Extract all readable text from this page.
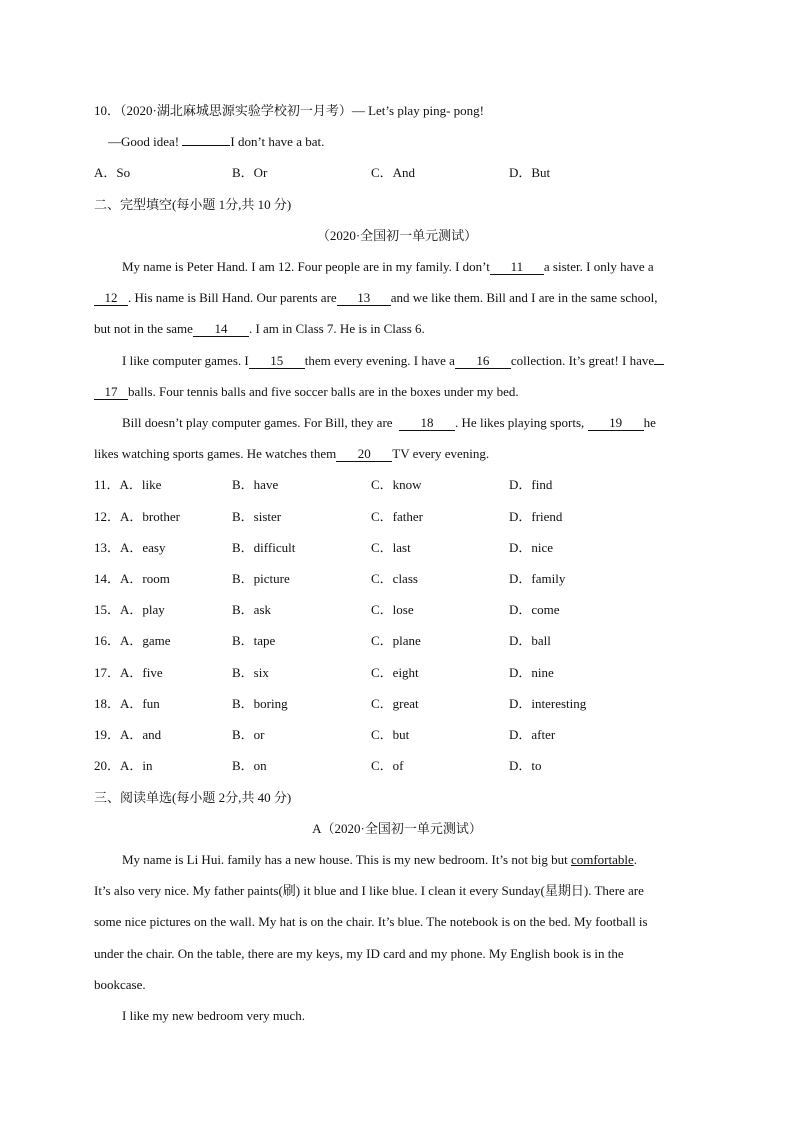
10．（2020·湖北麻城思源实验学校初一月考）— Let’s play ping- pong!
—Good idea!	I don’t have a bat.
A．So	B．Or	C．And	D．But
二、完型填空(每小题 1分,共 10 分)
（2020·全国初一单元测试）
My name is Peter Hand. I am 12. Four people are in my family. I don’t 11 a sister. I only have a
12 . His name is Bill Hand. Our parents are 13 and we like them. Bill and I are in the same school,
but not in the same 14 . I am in Class 7. He is in Class 6.
I like computer games. I 15 them every evening. I have a 16 collection. It’s great! I have
17 balls. Four tennis balls and five soccer balls are in the boxes under my bed.
Bill doesn’t play computer games. For Bill, they are 18 . He likes playing sports, 19 he
likes watching sports games. He watches them 20 TV every evening.
11．A．like	B．have	C．know	D．find
12．A．brother	B．sister	C．father	D．friend
13．A．easy	B．difficult	C．last	D．nice
14．A．room	B．picture	C．class	D．family
15．A．play	B．ask	C．lose	D．come
16．A．game	B．tape	C．plane	D．ball
17．A．five	B．six	C．eight	D．nine
18．A．fun	B．boring	C．great	D．interesting
19．A．and	B．or	C．but	D．after
20．A．in	B．on	C．of	D．to
三、阅读单选(每小题 2分,共 40 分)
A（2020·全国初一单元测试）
My name is Li Hui. family has a new house. This is my new bedroom. It’s not big but comfortable.
It’s also very nice. My father paints(刷) it blue and I like blue. I clean it every Sunday(星期日). There are
some nice pictures on the wall. My hat is on the chair. It’s blue. The notebook is on the bed. My football is
under the chair. On the table, there are my keys, my ID card and my phone. My English book is in the
bookcase.
I like my new bedroom very much.
